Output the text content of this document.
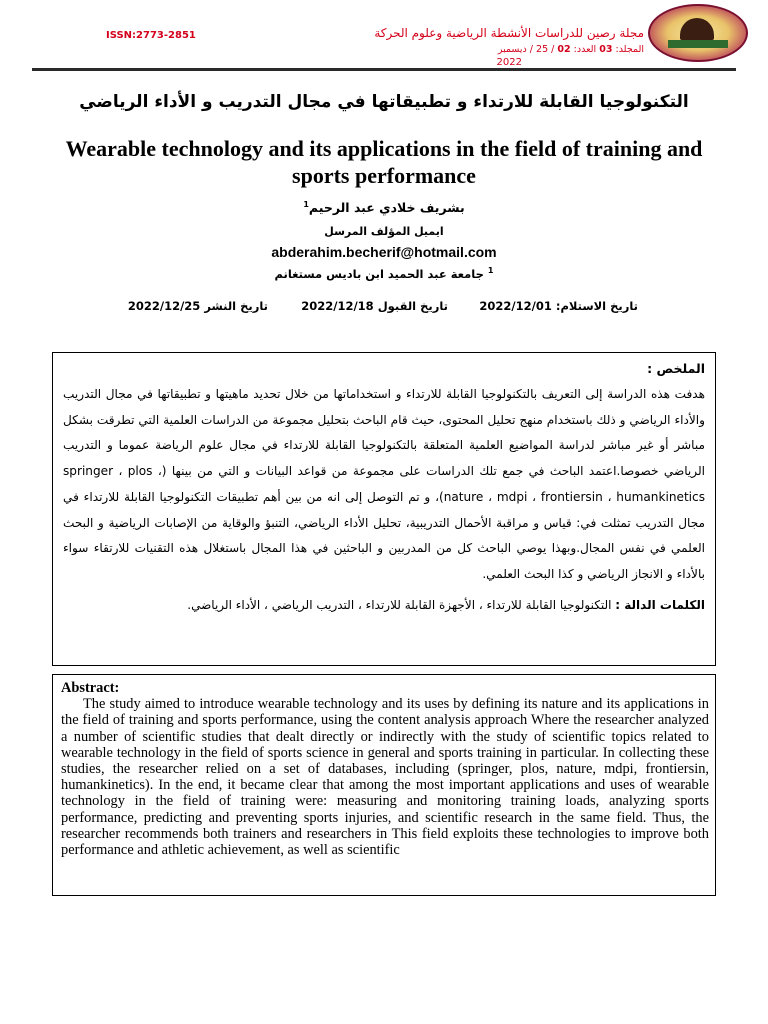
ISSN:2773-2851	مجلة رصين للدراسات الأنشطة الرياضية وعلوم الحركة
المجلد: 03 العدد: 02 / 25 / ديسمبر
2022
التكنولوجيا القابلة للارتداء و تطبيقاتها في مجال التدريب و الأداء الرياضي
Wearable technology and its applications in the field of training and sports performance
بشريف خلادي عبد الرحيم$^1$
ايميل المؤلف المرسل
abderahim.becherif@hotmail.com
$^1$ جامعة عبد الحميد ابن باديس مستغانم
تاريخ الاستلام: 2022/12/01
تاريخ القبول 2022/12/18
تاريخ النشر 2022/12/25
الملخص :
هدفت هذه الدراسة إلى التعريف بالتكنولوجيا القابلة للارتداء و استخداماتها من خلال تحديد ماهيتها و تطبيقاتها في مجال التدريب والأداء الرياضي و ذلك باستخدام منهج تحليل المحتوى، حيث قام الباحث بتحليل مجموعة من الدراسات العلمية التي تطرقت بشكل مباشر أو غير مباشر لدراسة المواضيع العلمية المتعلقة بالتكنولوجيا القابلة للارتداء في مجال علوم الرياضة عموما و التدريب الرياضي خصوصا.اعتمد الباحث في جمع تلك الدراسات على مجموعة من قواعد البيانات و التي من بينها (springer ، plos ، nature ، mdpi ، frontiersin ، humankinetics)، و تم التوصل إلى انه من بين أهم تطبيقات التكنولوجيا القابلة للارتداء في مجال التدريب تمثلت في: قياس و مراقبة الأحمال التدريبية، تحليل الأداء الرياضي، التنبؤ والوقاية من الإصابات الرياضية و البحث العلمي في نفس المجال.وبهذا يوصي الباحث كل من المدربين و الباحثين في هذا المجال باستغلال هذه التقنيات للارتقاء سواء بالأداء و الانجاز الرياضي و كذا البحث العلمي.
الكلمات الدالة : التكنولوجيا القابلة للارتداء ، الأجهزة القابلة للارتداء ، التدريب الرياضي ، الأداء الرياضي.
Abstract:
The study aimed to introduce wearable technology and its uses by defining its nature and its applications in the field of training and sports performance, using the content analysis approach Where the researcher analyzed a number of scientific studies that dealt directly or indirectly with the study of scientific topics related to wearable technology in the field of sports science in general and sports training in particular. In collecting these studies, the researcher relied on a set of databases, including (springer, plos, nature, mdpi, frontiersin, humankinetics). In the end, it became clear that among the most important applications and uses of wearable technology in the field of training were: measuring and monitoring training loads, analyzing sports performance, predicting and preventing sports injuries, and scientific research in the same field. Thus, the researcher recommends both trainers and researchers in This field exploits these technologies to improve both performance and athletic achievement, as well as scientific
